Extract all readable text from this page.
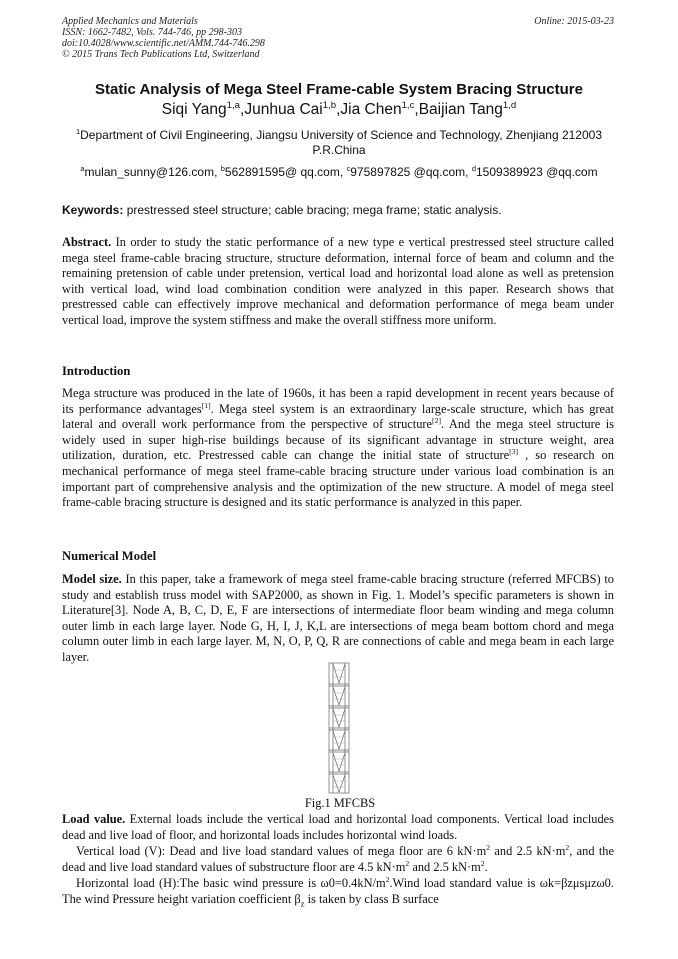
Applied Mechanics and Materials
ISSN: 1662-7482, Vols. 744-746, pp 298-303
doi:10.4028/www.scientific.net/AMM.744-746.298
© 2015 Trans Tech Publications Ltd, Switzerland
Online: 2015-03-23
Static Analysis of Mega Steel Frame-cable System Bracing Structure
Siqi Yang$^{1,a}$,Junhua Cai$^{1,b}$,Jia Chen$^{1,c}$,Baijian Tang$^{1,d}$
$^1$Department of Civil Engineering, Jiangsu University of Science and Technology, Zhenjiang 212003
P.R.China
$^a$mulan_sunny@126.com, $^b$562891595@ qq.com, $^c$975897825 @qq.com, $^d$1509389923 @qq.com
Keywords: prestressed steel structure; cable bracing; mega frame; static analysis.
Abstract. In order to study the static performance of a new type e vertical prestressed steel structure called mega steel frame-cable bracing structure, structure deformation, internal force of beam and column and the remaining pretension of cable under pretension, vertical load and horizontal load alone as well as pretension with vertical load, wind load combination condition were analyzed in this paper. Research shows that prestressed cable can effectively improve mechanical and deformation performance of mega beam under vertical load, improve the system stiffness and make the overall stiffness more uniform.
Introduction
Mega structure was produced in the late of 1960s, it has been a rapid development in recent years because of its performance advantages[1]. Mega steel system is an extraordinary large-scale structure, which has great lateral and overall work performance from the perspective of structure[2]. And the mega steel structure is widely used in super high-rise buildings because of its significant advantage in structure weight, area utilization, duration, etc. Prestressed cable can change the initial state of structure[3] , so research on mechanical performance of mega steel frame-cable bracing structure under various load combination is an important part of comprehensive analysis and the optimization of the new structure. A model of mega steel frame-cable bracing structure is designed and its static performance is analyzed in this paper.
Numerical Model
Model size. In this paper, take a framework of mega steel frame-cable bracing structure (referred MFCBS) to study and establish truss model with SAP2000, as shown in Fig. 1. Model’s specific parameters is shown in Literature[3]. Node A, B, C, D, E, F are intersections of intermediate floor beam winding and mega column outer limb in each large layer. Node G, H, I, J, K,L are intersections of mega beam bottom chord and mega column outer limb in each large layer. M, N, O, P, Q, R are connections of cable and mega beam in each large layer.
Fig.1 MFCBS
Load value. External loads include the vertical load and horizontal load components. Vertical load includes dead and live load of floor, and horizontal loads includes horizontal wind loads.
Vertical load (V): Dead and live load standard values of mega floor are 6 $kN\cdot m^2$ and 2.5 $kN\cdot m^2$, and the dead and live load standard values of substructure floor are 4.5 $kN\cdot m^2$ and 2.5 $kN\cdot m^2$.
Horizontal load (H):The basic wind pressure is $\omega 0=0.4kN/m^2.Wind$ load standard value is ωk=βzμsμzω0. The wind Pressure height variation coefficient $\beta_z$ is taken by class B surface
